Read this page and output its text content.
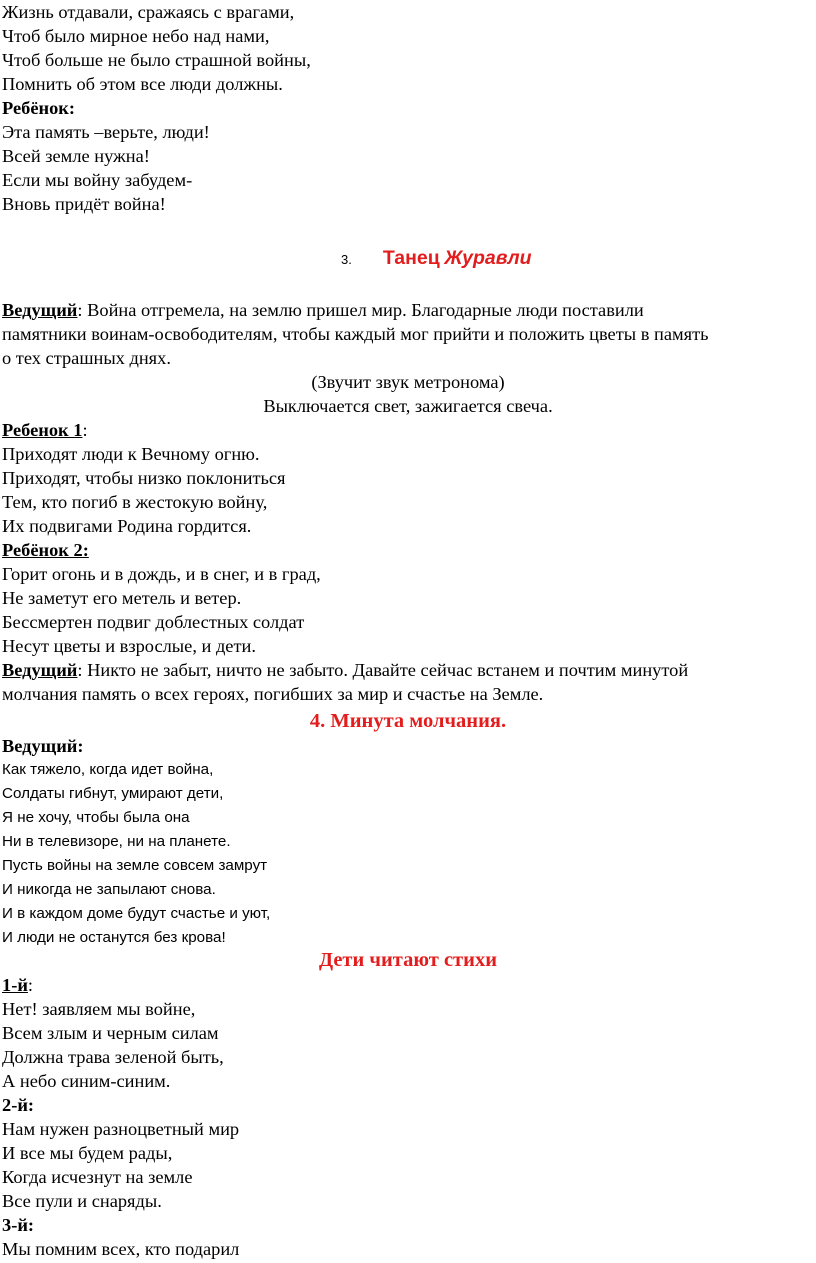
Жизнь отдавали, сражаясь с врагами,
Чтоб было мирное небо над нами,
Чтоб больше не было страшной войны,
Помнить об этом все люди должны.
Ребёнок:
Эта память –верьте, люди!
Всей земле нужна!
Если мы войну забудем-
Вновь придёт война!
3. Танец Журавли
Ведущий: Война отгремела, на землю пришел мир. Благодарные люди поставили
памятники воинам-освободителям, чтобы каждый мог прийти и положить цветы в память
о тех страшных днях.
(Звучит звук метронома)
Выключается свет, зажигается свеча.
Ребенок 1:
Приходят люди к Вечному огню.
Приходят, чтобы низко поклониться
Тем, кто погиб в жестокую войну,
Их подвигами Родина гордится.
Ребёнок 2:
Горит огонь и в дождь, и в снег, и в град,
Не заметут его метель и ветер.
Бессмертен подвиг доблестных солдат
Несут цветы и взрослые, и дети.
Ведущий: Никто не забыт, ничто не забыто. Давайте сейчас встанем и почтим минутой
молчания память о всех героях, погибших за мир и счастье на Земле.
4. Минута молчания.
Ведущий:
Как тяжело, когда идет война,
Солдаты гибнут, умирают дети,
Я не хочу, чтобы была она
Ни в телевизоре, ни на планете.
Пусть войны на земле совсем замрут
И никогда не запылают снова.
И в каждом доме будут счастье и уют,
И люди не останутся без крова!
Дети читают стихи
1-й:
Нет! заявляем мы войне,
Всем злым и черным силам
Должна трава зеленой быть,
А небо синим-синим.
2-й:
Нам нужен разноцветный мир
И все мы будем рады,
Когда исчезнут на земле
Все пули и снаряды.
3-й:
Мы помним всех, кто подарил
